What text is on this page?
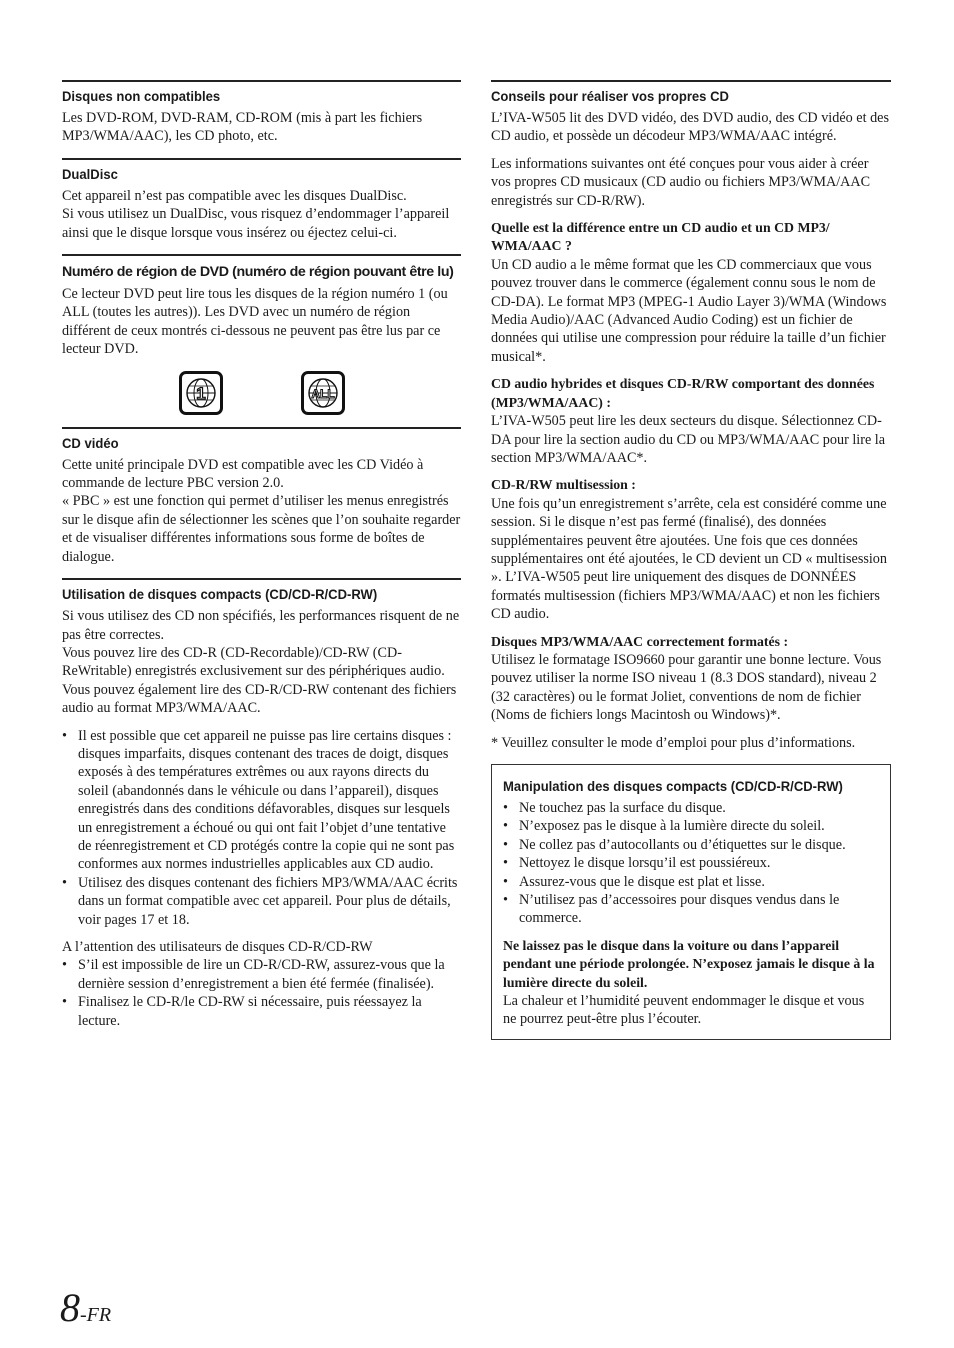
Disques non compatibles

Les DVD-ROM, DVD-RAM, CD-ROM (mis à part les fichiers MP3/WMA/AAC), les CD photo, etc.

DualDisc

Cet appareil n’est pas compatible avec les disques DualDisc.

Si vous utilisez un DualDisc, vous risquez d’endommager l’appareil ainsi que le disque lorsque vous insérez ou éjectez celui-ci.

Numéro de région de DVD (numéro de région pouvant être lu)

Ce lecteur DVD peut lire tous les disques de la région numéro 1 (ou ALL (toutes les autres)). Les DVD avec un numéro de région différent de ceux montrés ci-dessous ne peuvent pas être lus par ce lecteur DVD.

1	ALL
CD vidéo

Cette unité principale DVD est compatible avec les CD Vidéo à commande de lecture PBC version 2.0.

« PBC » est une fonction qui permet d’utiliser les menus enregistrés sur le disque afin de sélectionner les scènes que l’on souhaite regarder et de visualiser différentes informations sous forme de boîtes de dialogue.

Utilisation de disques compacts (CD/CD-R/CD-RW)

Si vous utilisez des CD non spécifiés, les performances risquent de ne pas être correctes.

Vous pouvez lire des CD-R (CD-Recordable)/CD-RW (CD-ReWritable) enregistrés exclusivement sur des périphériques audio. Vous pouvez également lire des CD-R/CD-RW contenant des fichiers audio au format MP3/WMA/AAC.

• Il est possible que cet appareil ne puisse pas lire certains disques : disques imparfaits, disques contenant des traces de doigt, disques exposés à des températures extrêmes ou aux rayons directs du soleil (abandonnés dans le véhicule ou dans l’appareil), disques enregistrés dans des conditions défavorables, disques sur lesquels un enregistrement a échoué ou qui ont fait l’objet d’une tentative de réenregistrement et CD protégés contre la copie qui ne sont pas conformes aux normes industrielles applicables aux CD audio.
• Utilisez des disques contenant des fichiers MP3/WMA/AAC écrits dans un format compatible avec cet appareil. Pour plus de détails, voir pages 17 et 18.

A l’attention des utilisateurs de disques CD-R/CD-RW

• S’il est impossible de lire un CD-R/CD-RW, assurez-vous que la dernière session d’enregistrement a bien été fermée (finalisée).
• Finalisez le CD-R/le CD-RW si nécessaire, puis réessayez la lecture.
Conseils pour réaliser vos propres CD

L’IVA-W505 lit des DVD vidéo, des DVD audio, des CD vidéo et des CD audio, et possède un décodeur MP3/WMA/AAC intégré.

Les informations suivantes ont été conçues pour vous aider à créer vos propres CD musicaux (CD audio ou fichiers MP3/WMA/AAC enregistrés sur CD-R/RW).

Quelle est la différence entre un CD audio et un CD MP3/ WMA/AAC ?

Un CD audio a le même format que les CD commerciaux que vous pouvez trouver dans le commerce (également connu sous le nom de CD-DA). Le format MP3 (MPEG-1 Audio Layer 3)/WMA (Windows Media Audio)/AAC (Advanced Audio Coding) est un fichier de données qui utilise une compression pour réduire la taille d’un fichier musical*.

CD audio hybrides et disques CD-R/RW comportant des données (MP3/WMA/AAC) :

L’IVA-W505 peut lire les deux secteurs du disque. Sélectionnez CD-DA pour lire la section audio du CD ou MP3/WMA/AAC pour lire la section MP3/WMA/AAC*.

CD-R/RW multisession :

Une fois qu’un enregistrement s’arrête, cela est considéré comme une session. Si le disque n’est pas fermé (finalisé), des données supplémentaires peuvent être ajoutées. Une fois que ces données supplémentaires ont été ajoutées, le CD devient un CD « multisession ». L’IVA-W505 peut lire uniquement des disques de DONNÉES formatés multisession (fichiers MP3/WMA/AAC) et non les fichiers CD audio.

Disques MP3/WMA/AAC correctement formatés :

Utilisez le formatage ISO9660 pour garantir une bonne lecture. Vous pouvez utiliser la norme ISO niveau 1 (8.3 DOS standard), niveau 2 (32 caractères) ou le format Joliet, conventions de nom de fichier (Noms de fichiers longs Macintosh ou Windows)*.

* Veuillez consulter le mode d’emploi pour plus d’informations.

Manipulation des disques compacts (CD/CD-R/CD-RW)
• Ne touchez pas la surface du disque.
• N’exposez pas le disque à la lumière directe du soleil.
• Ne collez pas d’autocollants ou d’étiquettes sur le disque.
• Nettoyez le disque lorsqu’il est poussiéreux.
• Assurez-vous que le disque est plat et lisse.
• N’utilisez pas d’accessoires pour disques vendus dans le commerce.

Ne laissez pas le disque dans la voiture ou dans l’appareil pendant une période prolongée. N’exposez jamais le disque à la lumière directe du soleil.

La chaleur et l’humidité peuvent endommager le disque et vous ne pourrez peut-être plus l’écouter.

8-FR
